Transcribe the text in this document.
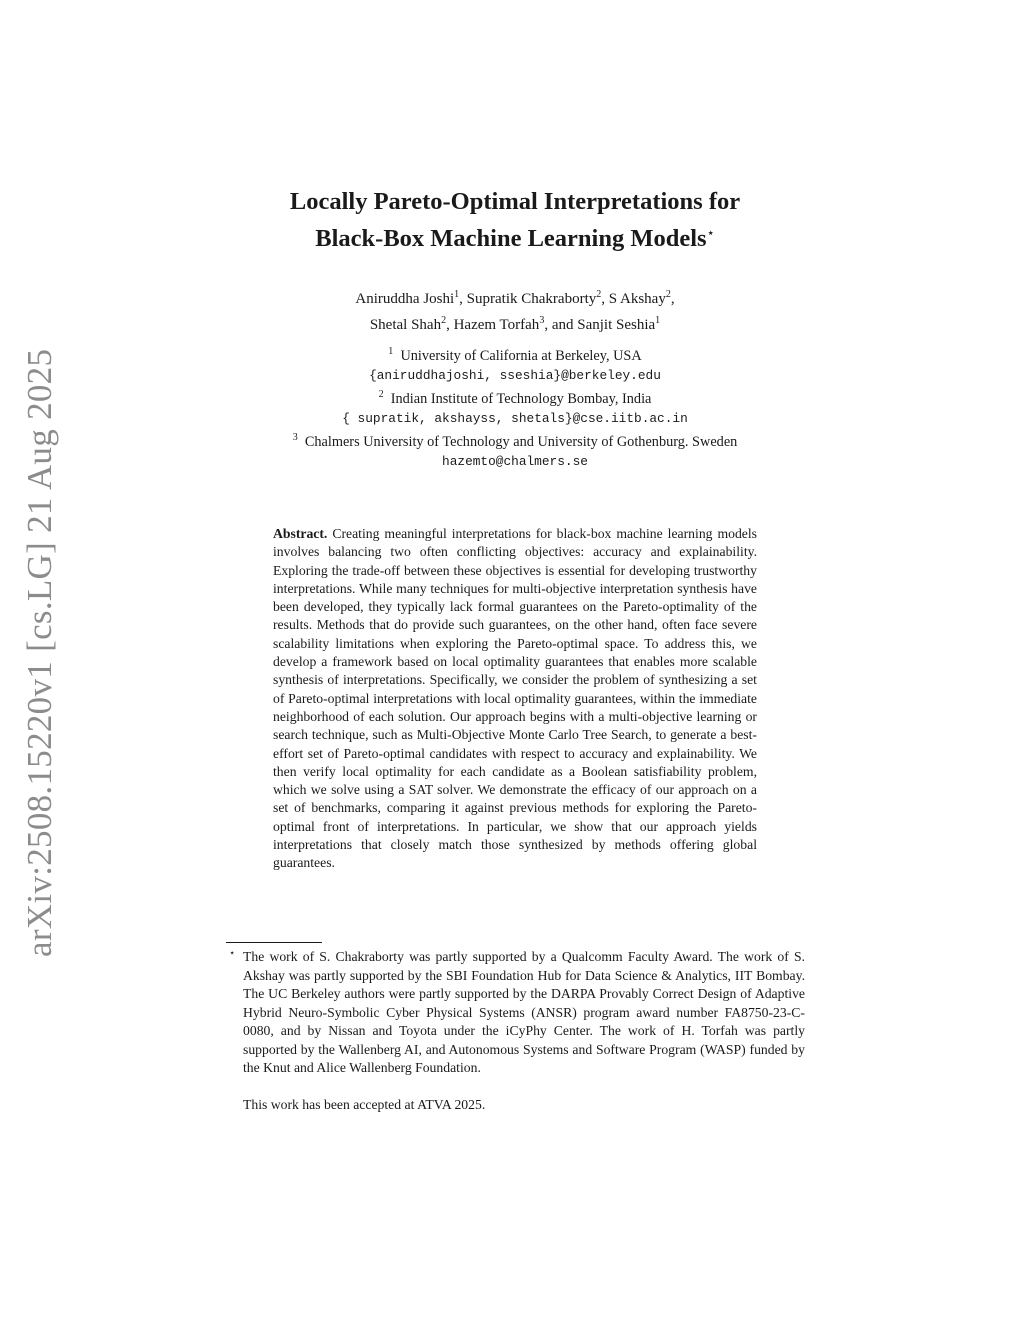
arXiv:2508.15220v1 [cs.LG] 21 Aug 2025
Locally Pareto-Optimal Interpretations for
Black-Box Machine Learning Models⋆
Aniruddha Joshi$^1$, Supratik Chakraborty$^2$, S Akshay$^2$,
Shetal Shah$^2$, Hazem Torfah$^3$, and Sanjit Seshia$^1$
$^1$ University of California at Berkeley, USA
{aniruddhajoshi, sseshia}@berkeley.edu
$^2$ Indian Institute of Technology Bombay, India
{ supratik, akshayss, shetals}@cse.iitb.ac.in
$^3$ Chalmers University of Technology and University of Gothenburg. Sweden
hazemto@chalmers.se
Abstract. Creating meaningful interpretations for black-box machine learning models involves balancing two often conflicting objectives: accuracy and explainability. Exploring the trade-off between these objectives is essential for developing trustworthy interpretations. While many techniques for multi-objective interpretation synthesis have been developed, they typically lack formal guarantees on the Pareto-optimality of the results. Methods that do provide such guarantees, on the other hand, often face severe scalability limitations when exploring the Pareto-optimal space. To address this, we develop a framework based on local optimality guarantees that enables more scalable synthesis of interpretations. Specifically, we consider the problem of synthesizing a set of Pareto-optimal interpretations with local optimality guarantees, within the immediate neighborhood of each solution. Our approach begins with a multi-objective learning or search technique, such as Multi-Objective Monte Carlo Tree Search, to generate a best-effort set of Pareto-optimal candidates with respect to accuracy and explainability. We then verify local optimality for each candidate as a Boolean satisfiability problem, which we solve using a SAT solver. We demonstrate the efficacy of our approach on a set of benchmarks, comparing it against previous methods for exploring the Pareto-optimal front of interpretations. In particular, we show that our approach yields interpretations that closely match those synthesized by methods offering global guarantees.
⋆ The work of S. Chakraborty was partly supported by a Qualcomm Faculty Award. The work of S. Akshay was partly supported by the SBI Foundation Hub for Data Science & Analytics, IIT Bombay. The UC Berkeley authors were partly supported by the DARPA Provably Correct Design of Adaptive Hybrid Neuro-Symbolic Cyber Physical Systems (ANSR) program award number FA8750-23-C-0080, and by Nissan and Toyota under the iCyPhy Center. The work of H. Torfah was partly supported by the Wallenberg AI, and Autonomous Systems and Software Program (WASP) funded by the Knut and Alice Wallenberg Foundation.
This work has been accepted at ATVA 2025.
